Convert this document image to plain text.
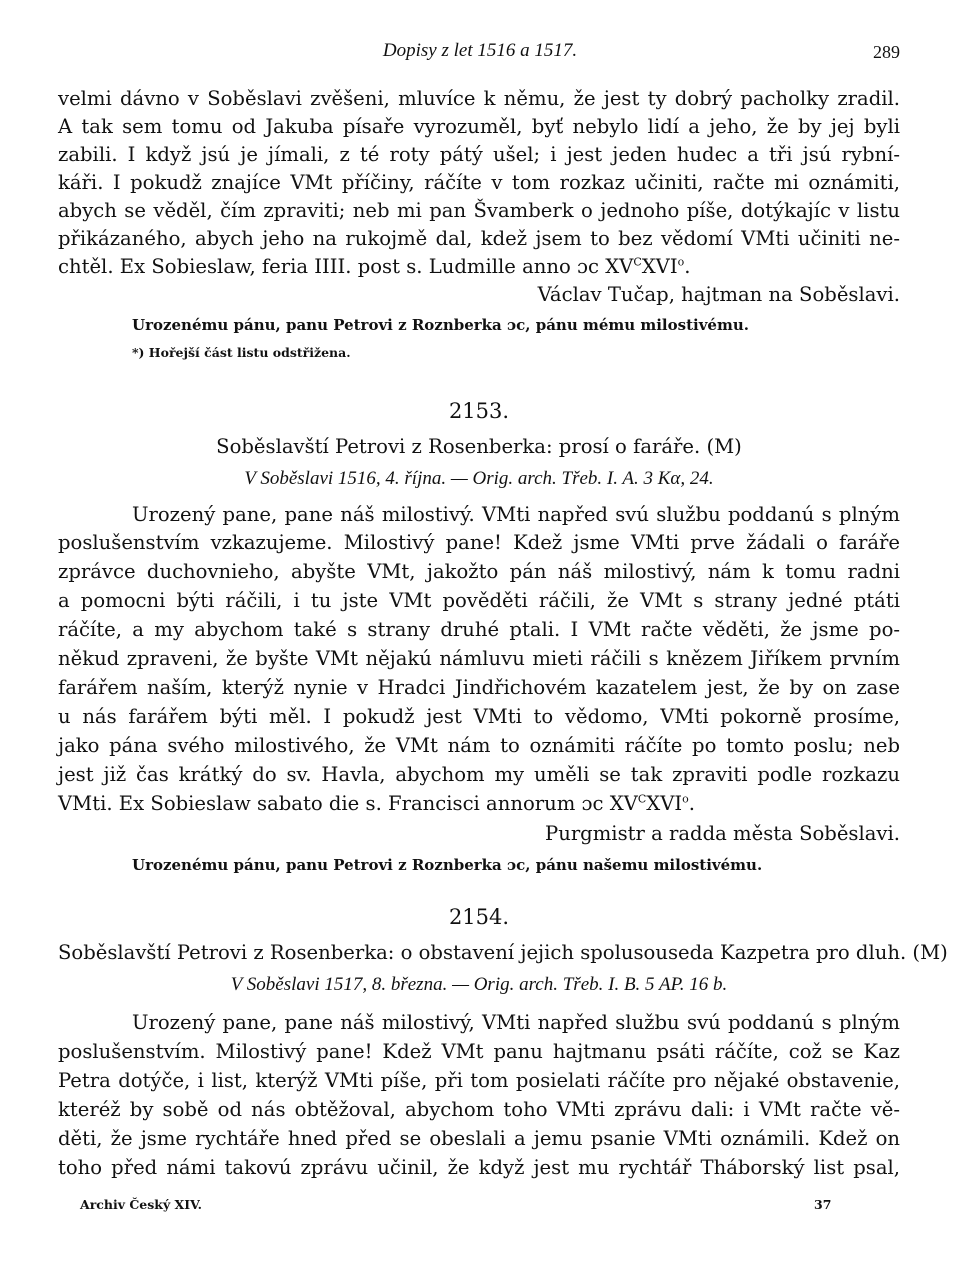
Dopisy z let 1516 a 1517.	289
velmi dávno v Soběslavi zvěšeni, mluvíce k němu, že jest ty dobrý pacholky zradil.
A tak sem tomu od Jakuba písaře vyrozuměl, byť nebylo lidí a jeho, že by jej byli
zabili. I když jsú je jímali, z té roty pátý ušel; i jest jeden hudec a tři jsú rybní-
káři. I pokudž znajíce VMt příčiny, ráčíte v tom rozkaz učiniti, račte mi oznámiti,
abych se věděl, čím zpraviti; neb mi pan Švamberk o jednoho píše, dotýkajíc v listu
přikázaného, abych jeho na rukojmě dal, kdež jsem to bez vědomí VMti učiniti ne-
chtěl. Ex Sobieslaw, feria IIII. post s. Ludmille anno ɔc $XV^CXVI^o$.
Václav Tučap, hajtman na Soběslavi.
Urozenému pánu, panu Petrovi z Roznberka ɔc, pánu mému milostivému.
*) Hořejší část listu odstřižena.
2153.
Soběslavští Petrovi z Rosenberka: prosí o faráře. (M)
V Soběslavi 1516, 4. října. — Orig. arch. Třeb. I. A. 3 Kα, 24.
Urozený pane, pane náš milostivý. VMti napřed svú službu poddanú s plným
poslušenstvím vzkazujeme. Milostivý pane! Kdež jsme VMti prve žádali o faráře
zprávce duchovnieho, abyšte VMt, jakožto pán náš milostivý, nám k tomu radni
a pomocni býti ráčili, i tu jste VMt pověděti ráčili, že VMt s strany jedné ptáti
ráčíte, a my abychom také s strany druhé ptali. I VMt račte věděti, že jsme po-
někud zpraveni, že byšte VMt nějakú námluvu mieti ráčili s knězem Jiříkem prvním
farářem naším, kterýž nynie v Hradci Jindřichovém kazatelem jest, že by on zase
u nás farářem býti měl. I pokudž jest VMti to vědomo, VMti pokorně prosíme,
jako pána svého milostivého, že VMt nám to oznámiti ráčíte po tomto poslu; neb
jest již čas krátký do sv. Havla, abychom my uměli se tak zpraviti podle rozkazu
VMti. Ex Sobieslaw sabato die s. Francisci annorum ɔc $XV^CXVI^o$.
Purgmistr a radda města Soběslavi.
Urozenému pánu, panu Petrovi z Roznberka ɔc, pánu našemu milostivému.
2154.
Soběslavští Petrovi z Rosenberka: o obstavení jejich spolusouseda Kazpetra pro dluh. (M)
V Soběslavi 1517, 8. března. — Orig. arch. Třeb. I. B. 5 AP. 16 b.
Urozený pane, pane náš milostivý, VMti napřed službu svú poddanú s plným
poslušenstvím. Milostivý pane! Kdež VMt panu hajtmanu psáti ráčíte, což se Kaz
Petra dotýče, i list, kterýž VMti píše, při tom posielati ráčíte pro nějaké obstavenie,
kteréž by sobě od nás obtěžoval, abychom toho VMti zprávu dali: i VMt račte vě-
děti, že jsme rychtáře hned před se obeslali a jemu psanie VMti oznámili. Kdež on
toho před námi takovú zprávu učinil, že když jest mu rychtář Tháborský list psal,
Archiv Český XIV.	37
